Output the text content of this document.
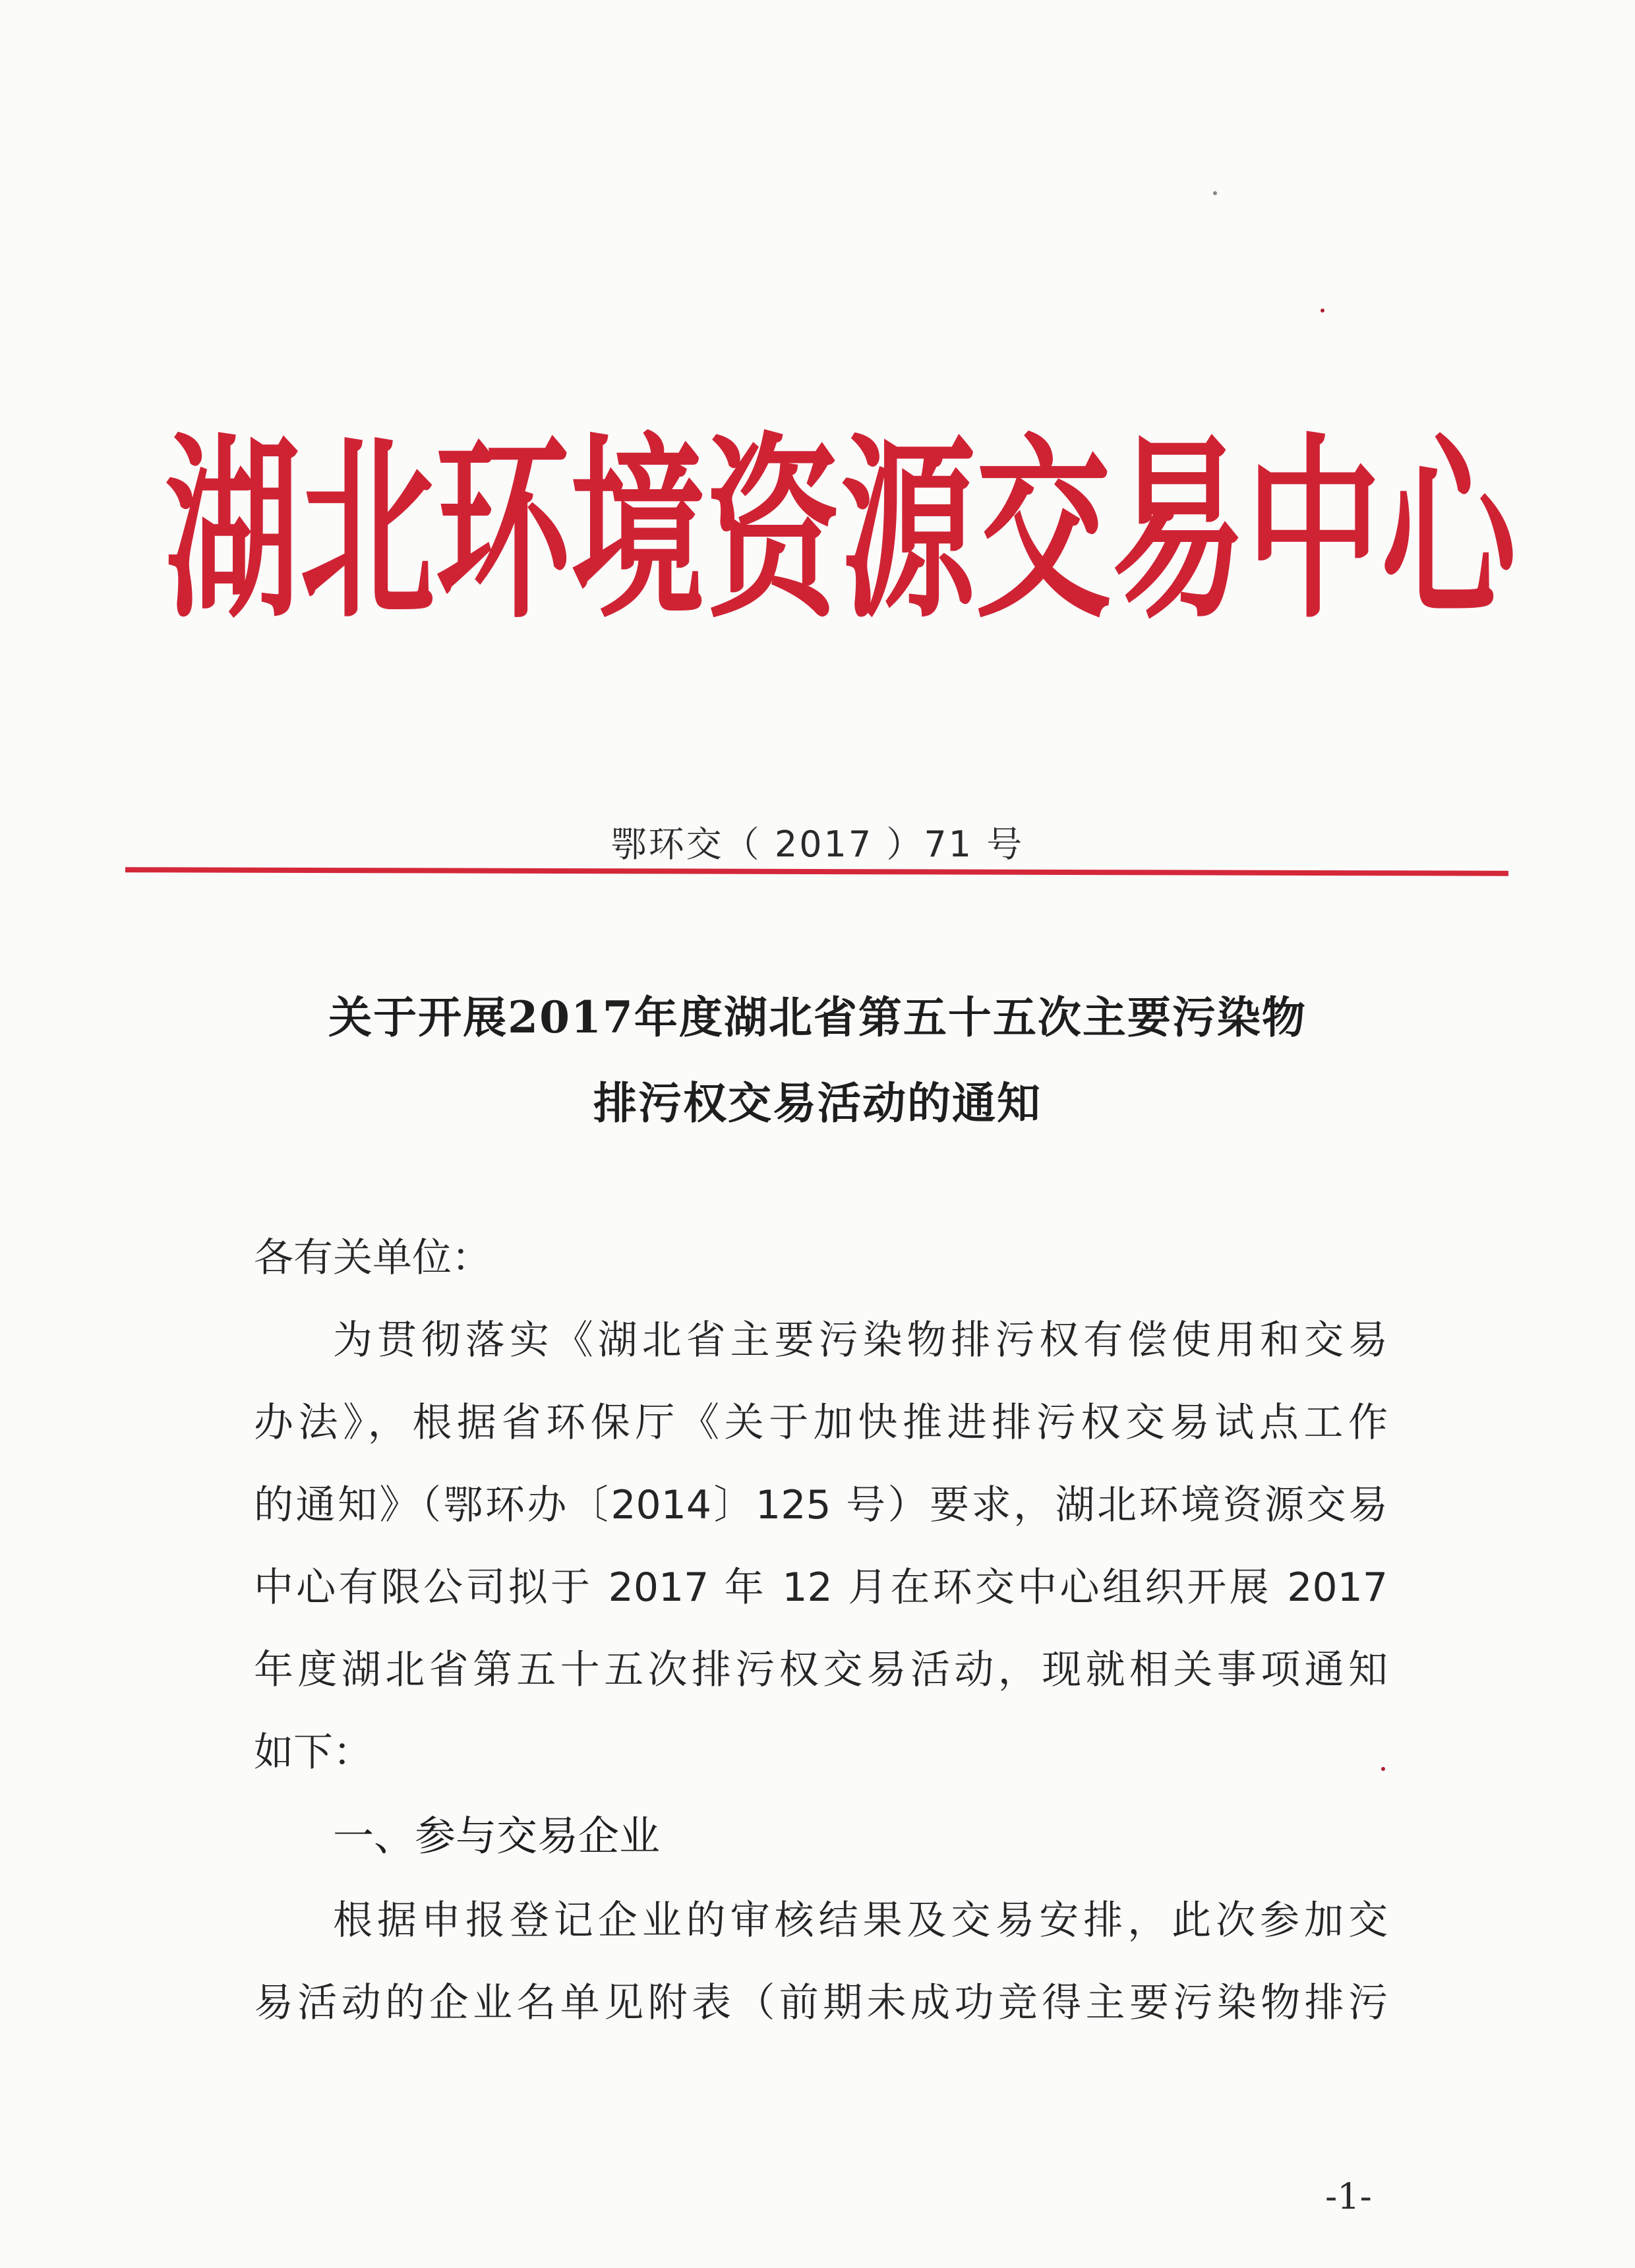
湖 北 环 境 资 源 交 易 中 心
鄂环交（ 2017 ）71 号
关于开展2017年度湖北省第五十五次主要污染物
排污权交易活动的通知
各有关单位：
为贯彻落实《湖北省主要污染物排污权有偿使用和交易
办法》，根据省环保厅《关于加快推进排污权交易试点工作
的通知》（鄂环办〔2014〕125 号）要求，湖北环境资源交易
中心有限公司拟于 2017 年 12 月在环交中心组织开展 2017
年度湖北省第五十五次排污权交易活动，现就相关事项通知
如下：
一、参与交易企业
根据申报登记企业的审核结果及交易安排，此次参加交
易活动的企业名单见附表（前期未成功竞得主要污染物排污
-1-
